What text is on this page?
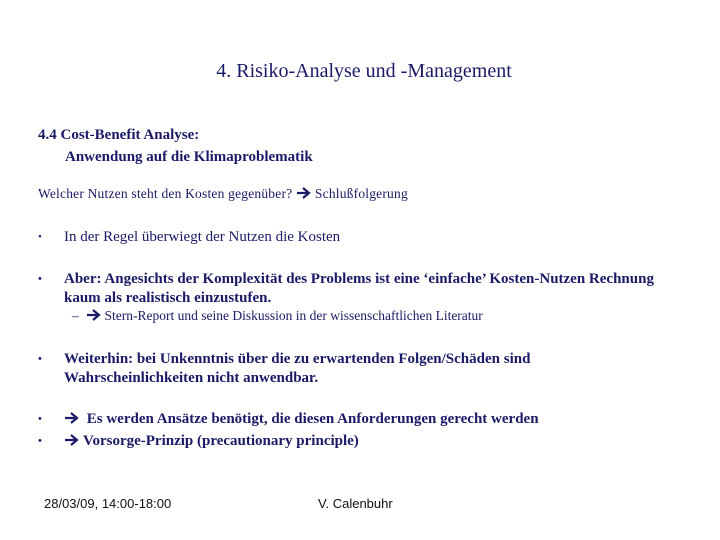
4. Risiko-Analyse und -Management
4.4 Cost-Benefit Analyse:
Anwendung auf die Klimaproblematik
Welcher Nutzen steht den Kosten gegenüber? Schlußfolgerung
• In der Regel überwiegt der Nutzen die Kosten
• Aber: Angesichts der Komplexität des Problems ist eine ‘einfache’ Kosten-Nutzen Rechnung kaum als realistisch einzustufen.
– Stern-Report und seine Diskussion in der wissenschaftlichen Literatur
• Weiterhin: bei Unkenntnis über die zu erwartenden Folgen/Schäden sind Wahrscheinlichkeiten nicht anwendbar.
•	Es werden Ansätze benötigt, die diesen Anforderungen gerecht werden
•	Vorsorge-Prinzip (precautionary principle)
28/03/09, 14:00-18:00	V. Calenbuhr
